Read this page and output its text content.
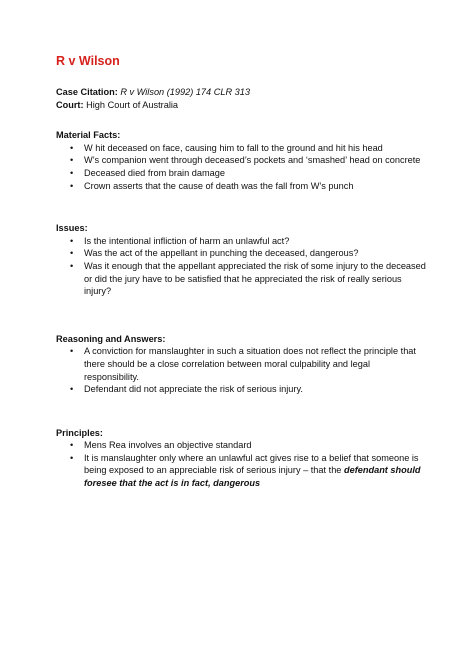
R v Wilson

Case Citation: R v Wilson (1992) 174 CLR 313

Court: High Court of Australia

Material Facts:

• W hit deceased on face, causing him to fall to the ground and hit his head
• W’s companion went through deceased’s pockets and ‘smashed’ head on concrete
• Deceased died from brain damage
• Crown asserts that the cause of death was the fall from W’s punch

Issues:

• Is the intentional infliction of harm an unlawful act?
• Was the act of the appellant in punching the deceased, dangerous?
• Was it enough that the appellant appreciated the risk of some injury to the deceased or did the jury have to be satisfied that he appreciated the risk of really serious injury?

Reasoning and Answers:

• A conviction for manslaughter in such a situation does not reflect the principle that there should be a close correlation between moral culpability and legal responsibility.
• Defendant did not appreciate the risk of serious injury.

Principles:

• Mens Rea involves an objective standard
• It is manslaughter only where an unlawful act gives rise to a belief that someone is being exposed to an appreciable risk of serious injury – that the defendant should foresee that the act is in fact, dangerous
